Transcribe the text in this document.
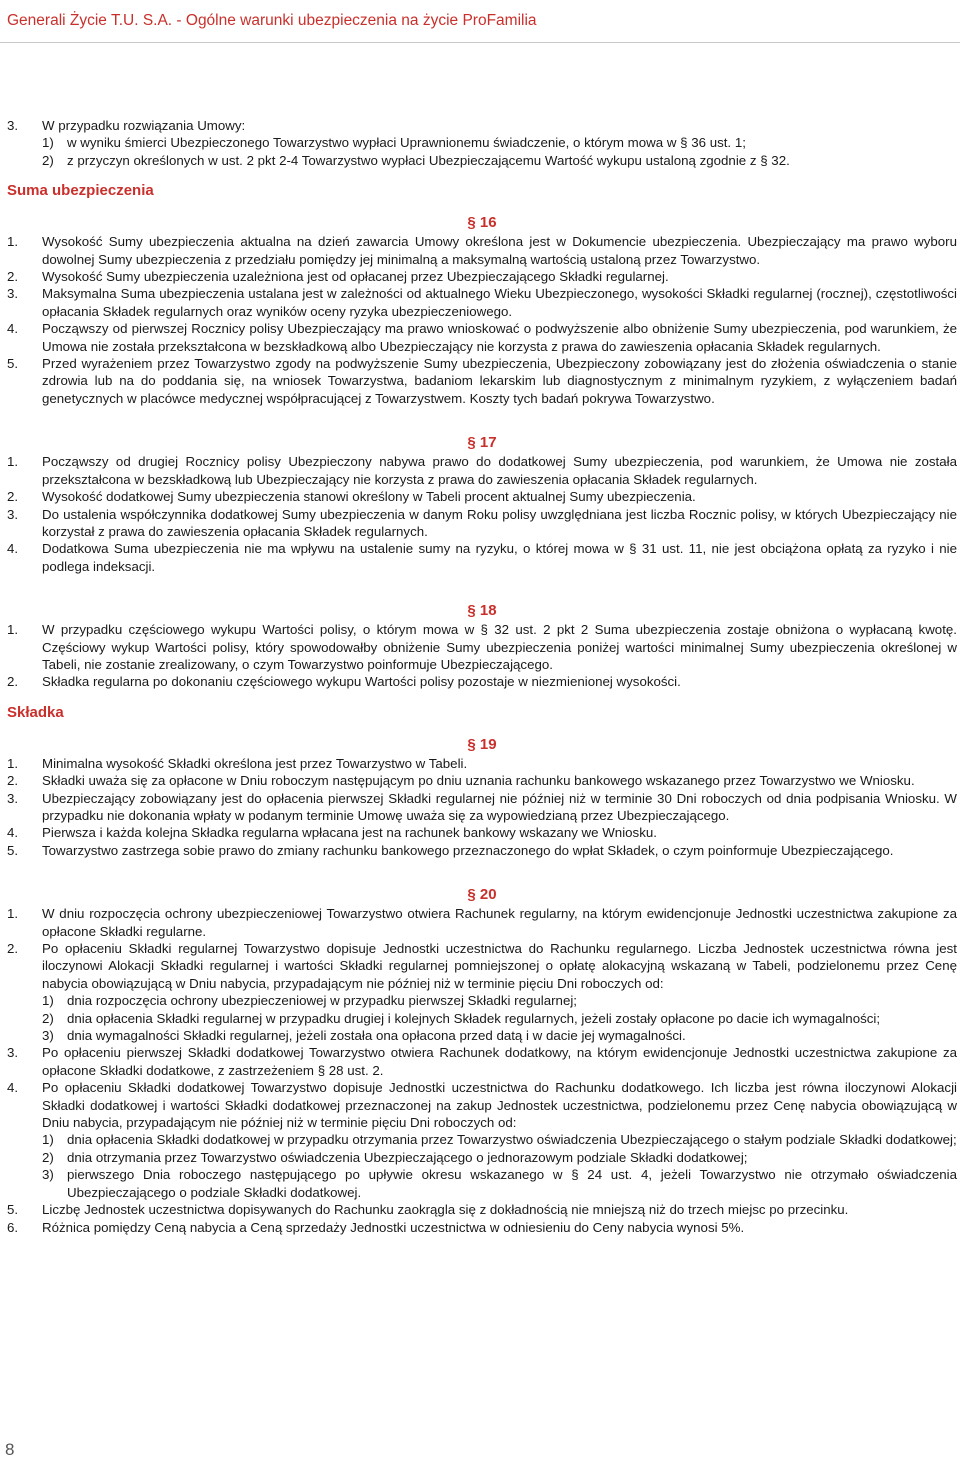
Generali Życie T.U. S.A. - Ogólne warunki ubezpieczenia na życie ProFamilia
3. W przypadku rozwiązania Umowy:
1) w wyniku śmierci Ubezpieczonego Towarzystwo wypłaci Uprawnionemu świadczenie, o którym mowa w § 36 ust. 1;
2) z przyczyn określonych w ust. 2 pkt 2-4 Towarzystwo wypłaci Ubezpieczającemu Wartość wykupu ustaloną zgodnie z § 32.

Suma ubezpieczenia

§ 16

1. Wysokość Sumy ubezpieczenia aktualna na dzień zawarcia Umowy określona jest w Dokumencie ubezpieczenia. Ubezpieczający ma prawo wyboru dowolnej Sumy ubezpieczenia z przedziału pomiędzy jej minimalną a maksymalną wartością ustaloną przez Towarzystwo.
2. Wysokość Sumy ubezpieczenia uzależniona jest od opłacanej przez Ubezpieczającego Składki regularnej.
3. Maksymalna Suma ubezpieczenia ustalana jest w zależności od aktualnego Wieku Ubezpieczonego, wysokości Składki regularnej (rocznej), częstotliwości opłacania Składek regularnych oraz wyników oceny ryzyka ubezpieczeniowego.
4. Począwszy od pierwszej Rocznicy polisy Ubezpieczający ma prawo wnioskować o podwyższenie albo obniżenie Sumy ubezpieczenia, pod warunkiem, że Umowa nie została przekształcona w bezskładkową albo Ubezpieczający nie korzysta z prawa do zawieszenia opłacania Składek regularnych.
5. Przed wyrażeniem przez Towarzystwo zgody na podwyższenie Sumy ubezpieczenia, Ubezpieczony zobowiązany jest do złożenia oświadczenia o stanie zdrowia lub na do poddania się, na wniosek Towarzystwa, badaniom lekarskim lub diagnostycznym z minimalnym ryzykiem, z wyłączeniem badań genetycznych w placówce medycznej współpracującej z Towarzystwem. Koszty tych badań pokrywa Towarzystwo.

§ 17

1. Począwszy od drugiej Rocznicy polisy Ubezpieczony nabywa prawo do dodatkowej Sumy ubezpieczenia, pod warunkiem, że Umowa nie została przekształcona w bezskładkową lub Ubezpieczający nie korzysta z prawa do zawieszenia opłacania Składek regularnych.
2. Wysokość dodatkowej Sumy ubezpieczenia stanowi określony w Tabeli procent aktualnej Sumy ubezpieczenia.
3. Do ustalenia współczynnika dodatkowej Sumy ubezpieczenia w danym Roku polisy uwzględniana jest liczba Rocznic polisy, w których Ubezpieczający nie korzystał z prawa do zawieszenia opłacania Składek regularnych.
4. Dodatkowa Suma ubezpieczenia nie ma wpływu na ustalenie sumy na ryzyku, o której mowa w § 31 ust. 11, nie jest obciążona opłatą za ryzyko i nie podlega indeksacji.

§ 18

1. W przypadku częściowego wykupu Wartości polisy, o którym mowa w § 32 ust. 2 pkt 2 Suma ubezpieczenia zostaje obniżona o wypłacaną kwotę. Częściowy wykup Wartości polisy, który spowodowałby obniżenie Sumy ubezpieczenia poniżej wartości minimalnej Sumy ubezpieczenia określonej w Tabeli, nie zostanie zrealizowany, o czym Towarzystwo poinformuje Ubezpieczającego.
2. Składka regularna po dokonaniu częściowego wykupu Wartości polisy pozostaje w niezmienionej wysokości.

Składka

§ 19

1. Minimalna wysokość Składki określona jest przez Towarzystwo w Tabeli.
2. Składki uważa się za opłacone w Dniu roboczym następującym po dniu uznania rachunku bankowego wskazanego przez Towarzystwo we Wniosku.
3. Ubezpieczający zobowiązany jest do opłacenia pierwszej Składki regularnej nie później niż w terminie 30 Dni roboczych od dnia podpisania Wniosku. W przypadku nie dokonania wpłaty w podanym terminie Umowę uważa się za wypowiedzianą przez Ubezpieczającego.
4. Pierwsza i każda kolejna Składka regularna wpłacana jest na rachunek bankowy wskazany we Wniosku.
5. Towarzystwo zastrzega sobie prawo do zmiany rachunku bankowego przeznaczonego do wpłat Składek, o czym poinformuje Ubezpieczającego.

§ 20

1. W dniu rozpoczęcia ochrony ubezpieczeniowej Towarzystwo otwiera Rachunek regularny, na którym ewidencjonuje Jednostki uczestnictwa zakupione za opłacone Składki regularne.
2. Po opłaceniu Składki regularnej Towarzystwo dopisuje Jednostki uczestnictwa do Rachunku regularnego. Liczba Jednostek uczestnictwa równa jest iloczynowi Alokacji Składki regularnej i wartości Składki regularnej pomniejszonej o opłatę alokacyjną wskazaną w Tabeli, podzielonemu przez Cenę nabycia obowiązującą w Dniu nabycia, przypadającym nie później niż w terminie pięciu Dni roboczych od:
1) dnia rozpoczęcia ochrony ubezpieczeniowej w przypadku pierwszej Składki regularnej;
2) dnia opłacenia Składki regularnej w przypadku drugiej i kolejnych Składek regularnych, jeżeli zostały opłacone po dacie ich wymagalności;
3) dnia wymagalności Składki regularnej, jeżeli została ona opłacona przed datą i w dacie jej wymagalności.
3. Po opłaceniu pierwszej Składki dodatkowej Towarzystwo otwiera Rachunek dodatkowy, na którym ewidencjonuje Jednostki uczestnictwa zakupione za opłacone Składki dodatkowe, z zastrzeżeniem § 28 ust. 2.
4. Po opłaceniu Składki dodatkowej Towarzystwo dopisuje Jednostki uczestnictwa do Rachunku dodatkowego. Ich liczba jest równa iloczynowi Alokacji Składki dodatkowej i wartości Składki dodatkowej przeznaczonej na zakup Jednostek uczestnictwa, podzielonemu przez Cenę nabycia obowiązującą w Dniu nabycia, przypadającym nie później niż w terminie pięciu Dni roboczych od:
1) dnia opłacenia Składki dodatkowej w przypadku otrzymania przez Towarzystwo oświadczenia Ubezpieczającego o stałym podziale Składki dodatkowej;
2) dnia otrzymania przez Towarzystwo oświadczenia Ubezpieczającego o jednorazowym podziale Składki dodatkowej;
3) pierwszego Dnia roboczego następującego po upływie okresu wskazanego w § 24 ust. 4, jeżeli Towarzystwo nie otrzymało oświadczenia Ubezpieczającego o podziale Składki dodatkowej.
5. Liczbę Jednostek uczestnictwa dopisywanych do Rachunku zaokrągla się z dokładnością nie mniejszą niż do trzech miejsc po przecinku.
6. Różnica pomiędzy Ceną nabycia a Ceną sprzedaży Jednostki uczestnictwa w odniesieniu do Ceny nabycia wynosi 5%.
8
